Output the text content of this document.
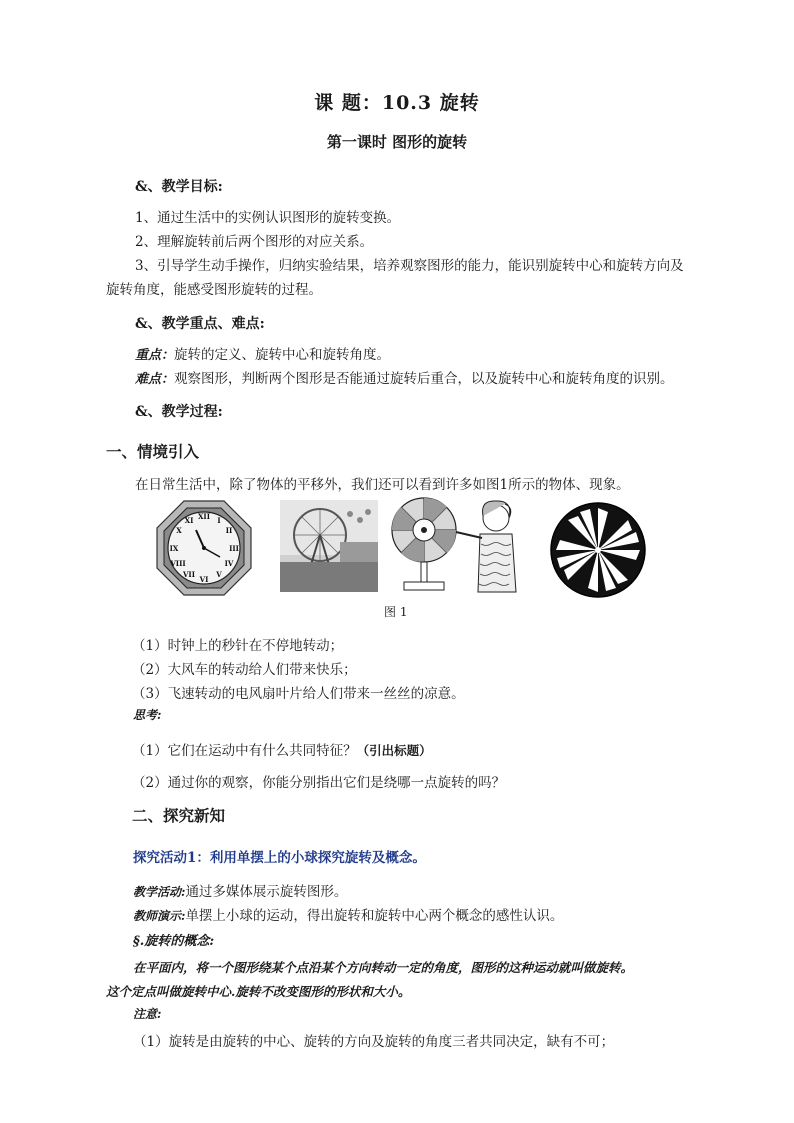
课 题：10.3 旋转
第一课时 图形的旋转
&、教学目标:
1、通过生活中的实例认识图形的旋转变换。
2、理解旋转前后两个图形的对应关系。
3、引导学生动手操作，归纳实验结果，培养观察图形的能力，能识别旋转中心和旋转方向及
旋转角度，能感受图形旋转的过程。
&、教学重点、难点:
重点：旋转的定义、旋转中心和旋转角度。
难点：观察图形，判断两个图形是否能通过旋转后重合，以及旋转中心和旋转角度的识别。
&、教学过程:
一、情境引入
在日常生活中，除了物体的平移外，我们还可以看到许多如图1所示的物体、现象。
XII I
II
III
IV
V
VI
VII
VIII
IX
X
XI
图 1
（1）时钟上的秒针在不停地转动；
（2）大风车的转动给人们带来快乐；
（3）飞速转动的电风扇叶片给人们带来一丝丝的凉意。
思考:
（1）它们在运动中有什么共同特征？（引出标题）
（2）通过你的观察，你能分别指出它们是绕哪一点旋转的吗？
二、探究新知
探究活动1：利用单摆上的小球探究旋转及概念。
教学活动:通过多媒体展示旋转图形。
教师演示:单摆上小球的运动，得出旋转和旋转中心两个概念的感性认识。
§.旋转的概念:
在平面内，将一个图形绕某个点沿某个方向转动一定的角度，图形的这种运动就叫做旋转。
这个定点叫做旋转中心.旋转不改变图形的形状和大小。
注意:
（1）旋转是由旋转的中心、旋转的方向及旋转的角度三者共同决定，缺有不可；
